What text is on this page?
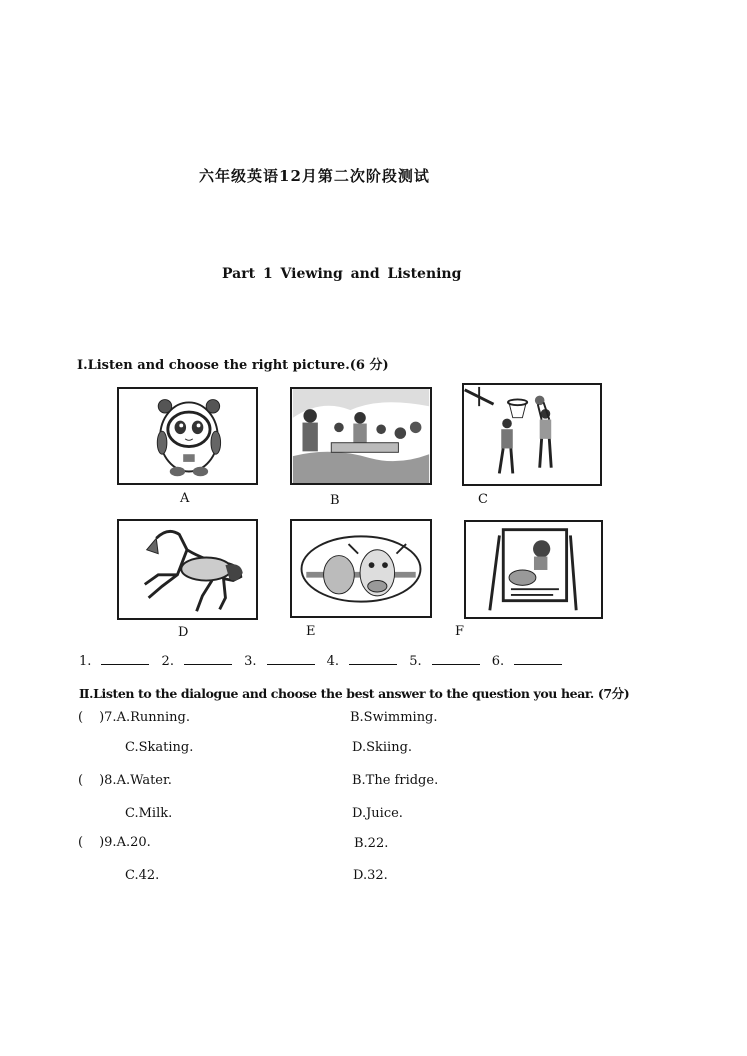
六年级英语12月第二次阶段测试
Part 1 Viewing and Listening
I.Listen and choose the right picture.(6 分)
A	B	C
D	E	F
1.	2.	3.	4.	5.	6.
Ⅱ.Listen to the dialogue and choose the best answer to the question you hear. (7分)
( )7.A.Running.	B.Swimming.
C.Skating.	D.Skiing.
( )8.A.Water.	B.The fridge.
C.Milk.	D.Juice.
( )9.A.20.	B.22.
C.42.	D.32.
